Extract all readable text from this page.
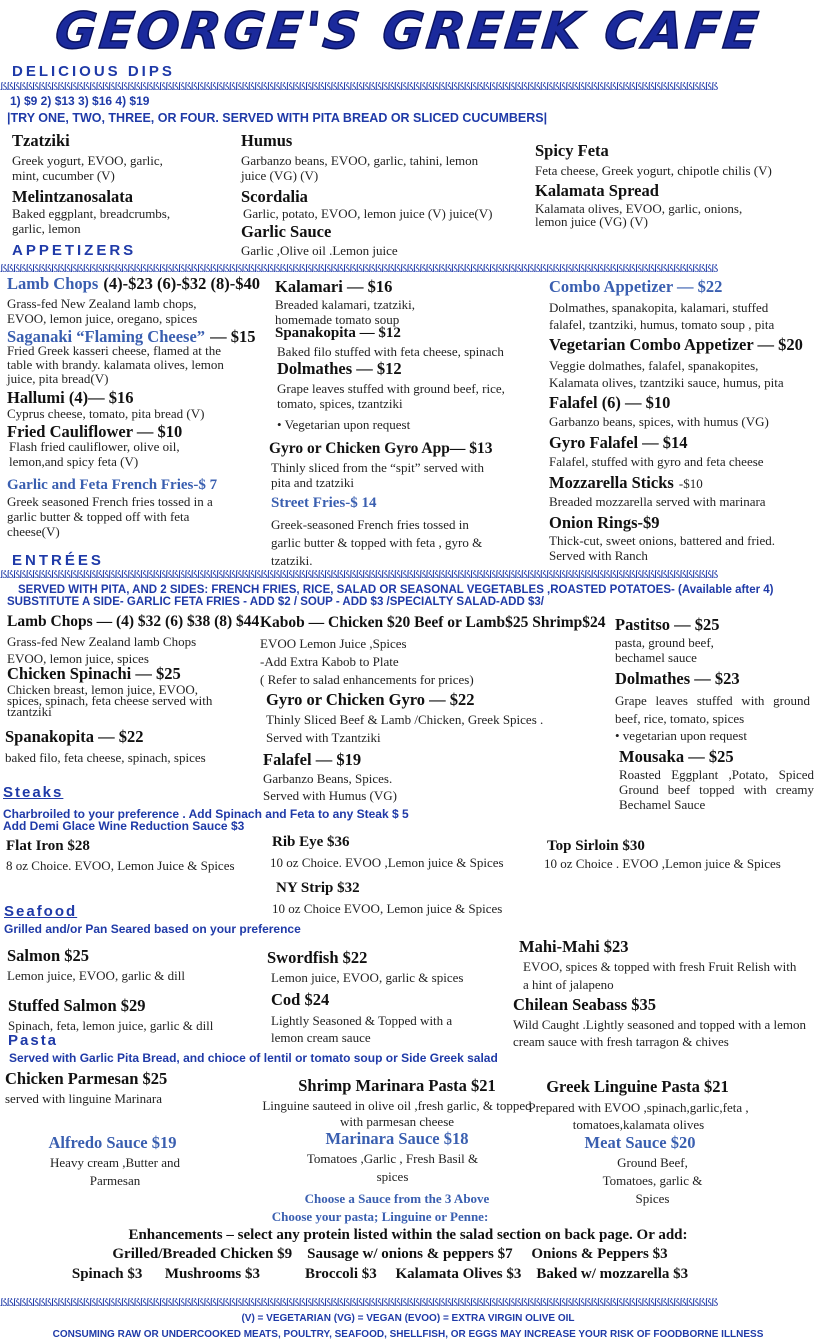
GEORGE'S GREEK CAFE
DELICIOUS DIPS
ßßßßßßßßßßßßßßßßßßßßßßßßßßßßßßßßßßßßßßßßßßßßßßßßßßßßßßßßßßßßßßßßßßßßßßßßßßßßßßßßßßßßßßßßßßßßßßßßßßßßßßßßßßßßßßßßß
1) $9 2) $13 3) $16 4) $19
|TRY ONE, TWO, THREE, OR FOUR. SERVED WITH PITA BREAD OR SLICED CUCUMBERS|
Tzatziki
Greek yogurt, EVOO, garlic, mint, cucumber (V)
Melintzanosalata
Baked eggplant, breadcrumbs, garlic, lemon
Humus
Garbanzo beans, EVOO, garlic, tahini, lemon juice (VG) (V)
Scordalia
Garlic, potato, EVOO, lemon juice (V) juice(V)
Garlic Sauce
Garlic ,Olive oil .Lemon juice
Spicy Feta
Feta cheese, Greek yogurt, chipotle chilis (V)
Kalamata Spread
Kalamata olives, EVOO, garlic, onions, lemon juice (VG) (V)
APPETIZERS
ßßßßßßßßßßßßßßßßßßßßßßßßßßßßßßßßßßßßßßßßßßßßßßßßßßßßßßßßßßßßßßßßßßßßßßßßßßßßßßßßßßßßßßßßßßßßßßßßßßßßßßßßßßßßßßßßß
Lamb Chops (4)-$23 (6)-$32 (8)-$40
Grass-fed New Zealand lamb chops, EVOO, lemon juice, oregano, spices
Saganaki “Flaming Cheese” — $15
Fried Greek kasseri cheese, flamed at the table with brandy. kalamata olives, lemon juice, pita bread(V)
Hallumi (4)— $16
Cyprus cheese, tomato, pita bread (V)
Fried Cauliflower — $10
Flash fried cauliflower, olive oil, lemon,and spicy feta (V)
Garlic and Feta French Fries-$ 7
Greek seasoned French fries tossed in a garlic butter & topped off with feta cheese(V)
Kalamari — $16
Breaded kalamari, tzatziki, homemade tomato soup
Spanakopita — $12
Baked filo stuffed with feta cheese, spinach
Dolmathes — $12
Grape leaves stuffed with ground beef, rice, tomato, spices, tzantziki
• Vegetarian upon request
Gyro or Chicken Gyro App— $13
Thinly sliced from the “spit” served with pita and tzatziki
Street Fries-$ 14
Greek-seasoned French fries tossed in garlic butter & topped with feta , gyro & tzatziki.
Combo Appetizer — $22
Dolmathes, spanakopita, kalamari, stuffed falafel, tzantziki, humus, tomato soup , pita
Vegetarian Combo Appetizer — $20
Veggie dolmathes, falafel, spanakopites, Kalamata olives, tzantziki sauce, humus, pita
Falafel (6) — $10
Garbanzo beans, spices, with humus (VG)
Gyro Falafel — $14
Falafel, stuffed with gyro and feta cheese
Mozzarella Sticks -$10
Breaded mozzarella served with marinara
Onion Rings-$9
Thick-cut, sweet onions, battered and fried. Served with Ranch
ENTRÉES
ßßßßßßßßßßßßßßßßßßßßßßßßßßßßßßßßßßßßßßßßßßßßßßßßßßßßßßßßßßßßßßßßßßßßßßßßßßßßßßßßßßßßßßßßßßßßßßßßßßßßßßßßßßßßßßßßß
SERVED WITH PITA, AND 2 SIDES: FRENCH FRIES, RICE, SALAD OR SEASONAL VEGETABLES ,ROASTED POTATOES- (Available after 4)
SUBSTITUTE A SIDE- GARLIC FETA FRIES - ADD $2 / SOUP - ADD $3 /SPECIALTY SALAD-ADD $3/
Lamb Chops — (4) $32 (6) $38 (8) $44
Grass-fed New Zealand lamb Chops EVOO, lemon juice, spices
Chicken Spinachi — $25
Chicken breast, lemon juice, EVOO, spices, spinach, feta cheese served with tzantziki
Spanakopita — $22
baked filo, feta cheese, spinach, spices
Kabob — Chicken $20 Beef or Lamb$25 Shrimp$24
EVOO Lemon Juice ,Spices
-Add Extra Kabob to Plate
( Refer to salad enhancements for prices)
Gyro or Chicken Gyro — $22
Thinly Sliced Beef & Lamb /Chicken, Greek Spices .
Served with Tzantziki
Falafel — $19
Garbanzo Beans, Spices.
Served with Humus (VG)
Pastitso — $25
pasta, ground beef, bechamel sauce
Dolmathes — $23
Grape leaves stuffed with ground beef, rice, tomato, spices
• vegetarian upon request
Mousaka — $25
Roasted Eggplant ,Potato, Spiced Ground beef topped with creamy Bechamel Sauce
Steaks
Charbroiled to your preference . Add Spinach and Feta to any Steak $ 5
Add Demi Glace Wine Reduction Sauce $3
Flat Iron $28
8 oz Choice. EVOO, Lemon Juice & Spices
Rib Eye $36
10 oz Choice. EVOO ,Lemon juice & Spices
NY Strip $32
10 oz Choice EVOO, Lemon juice & Spices
Top Sirloin $30
10 oz Choice . EVOO ,Lemon juice & Spices
Seafood
Grilled and/or Pan Seared based on your preference
Salmon $25
Lemon juice, EVOO, garlic & dill
Stuffed Salmon $29
Spinach, feta, lemon juice, garlic & dill
Swordfish $22
Lemon juice, EVOO, garlic & spices
Cod $24
Lightly Seasoned & Topped with a lemon cream sauce
Mahi-Mahi $23
EVOO, spices & topped with fresh Fruit Relish with a hint of jalapeno
Chilean Seabass $35
Wild Caught .Lightly seasoned and topped with a lemon cream sauce with fresh tarragon & chives
Pasta
Served with Garlic Pita Bread, and chioce of lentil or tomato soup or Side Greek salad
Chicken Parmesan $25
served with linguine Marinara
Shrimp Marinara Pasta $21
Linguine sauteed in olive oil ,fresh garlic, & topped with parmesan cheese
Greek Linguine Pasta $21
Prepared with EVOO ,spinach,garlic,feta , tomatoes,kalamata olives
Alfredo Sauce $19
Heavy cream ,Butter and Parmesan
Marinara Sauce $18
Tomatoes ,Garlic , Fresh Basil & spices
Meat Sauce $20
Ground Beef, Tomatoes, garlic & Spices
Choose a Sauce from the 3 Above
Choose your pasta; Linguine or Penne:
Enhancements – select any protein listed within the salad section on back page. Or add:
Grilled/Breaded Chicken $9    Sausage w/ onions & peppers $7     Onions & Peppers $3
Spinach $3      Mushrooms $3            Broccoli $3     Kalamata Olives $3    Baked w/ mozzarella $3
ßßßßßßßßßßßßßßßßßßßßßßßßßßßßßßßßßßßßßßßßßßßßßßßßßßßßßßßßßßßßßßßßßßßßßßßßßßßßßßßßßßßßßßßßßßßßßßßßßßßßßßßßßßßßßßßßß
(V) = VEGETARIAN (VG) = VEGAN (EVOO) = EXTRA VIRGIN OLIVE OIL
CONSUMING RAW OR UNDERCOOKED MEATS, POULTRY, SEAFOOD, SHELLFISH, OR EGGS MAY INCREASE YOUR RISK OF FOODBORNE ILLNESS
